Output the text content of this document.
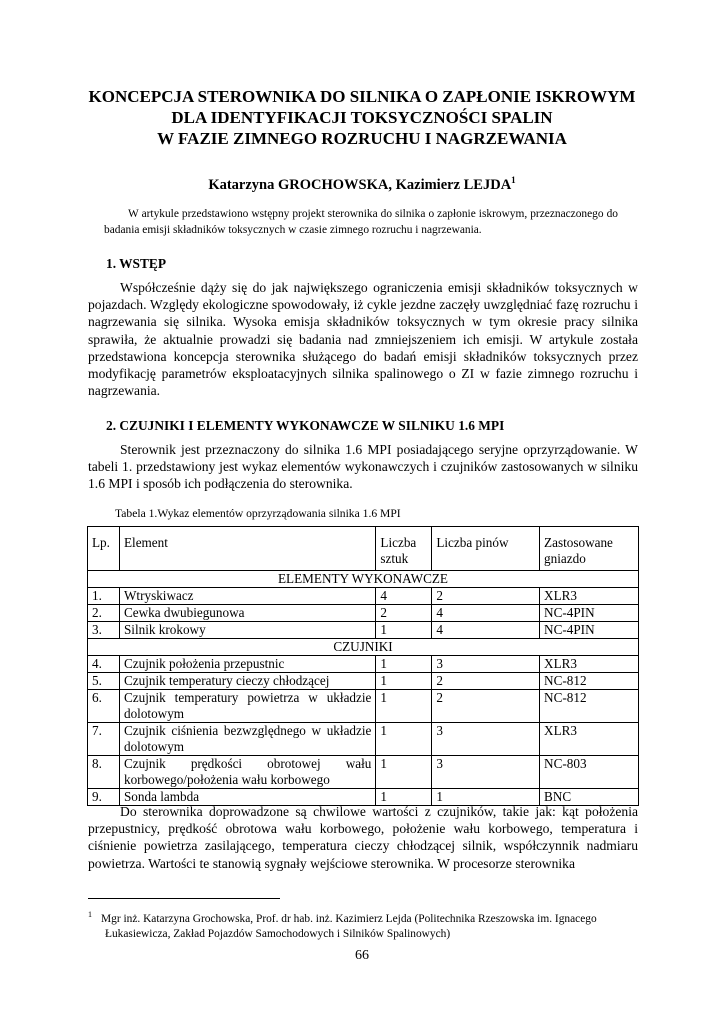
KONCEPCJA STEROWNIKA DO SILNIKA O ZAPŁONIE ISKROWYM
DLA IDENTYFIKACJI TOKSYCZNOŚCI SPALIN
W FAZIE ZIMNEGO ROZRUCHU I NAGRZEWANIA
Katarzyna GROCHOWSKA, Kazimierz LEJDA$^1$
W artykule przedstawiono wstępny projekt sterownika do silnika o zapłonie iskrowym, przeznaczonego do badania emisji składników toksycznych w czasie zimnego rozruchu i nagrzewania.
1. WSTĘP
Współcześnie dąży się do jak największego ograniczenia emisji składników toksycznych w pojazdach. Względy ekologiczne spowodowały, iż cykle jezdne zaczęły uwzględniać fazę rozruchu i nagrzewania się silnika. Wysoka emisja składników toksycznych w tym okresie pracy silnika sprawiła, że aktualnie prowadzi się badania nad zmniejszeniem ich emisji. W artykule została przedstawiona koncepcja sterownika służącego do badań emisji składników toksycznych przez modyfikację parametrów eksploatacyjnych silnika spalinowego o ZI w fazie zimnego rozruchu i nagrzewania.
2. CZUJNIKI I ELEMENTY WYKONAWCZE W SILNIKU 1.6 MPI
Sterownik jest przeznaczony do silnika 1.6 MPI posiadającego seryjne oprzyrządowanie. W tabeli 1. przedstawiony jest wykaz elementów wykonawczych i czujników zastosowanych w silniku 1.6 MPI i sposób ich podłączenia do sterownika.
Tabela 1.Wykaz elementów oprzyrządowania silnika 1.6 MPI
Lp.	Element	Liczba sztuk	Liczba pinów	Zastosowane gniazdo
ELEMENTY WYKONAWCZE				
1.	Wtryskiwacz	4	2	XLR3
2.	Cewka dwubiegunowa	2	4	NC-4PIN
3.	Silnik krokowy	1	4	NC-4PIN
CZUJNIKI				
4.	Czujnik położenia przepustnic	1	3	XLR3
5.	Czujnik temperatury cieczy chłodzącej	1	2	NC-812
6.	Czujnik temperatury powietrza w układzie dolotowym	1	2	NC-812
7.	Czujnik ciśnienia bezwzględnego w układzie dolotowym	1	3	XLR3
8.	Czujnik prędkości obrotowej wału korbowego/położenia wału korbowego	1	3	NC-803
9.	Sonda lambda	1	1	BNC
Do sterownika doprowadzone są chwilowe wartości z czujników, takie jak: kąt położenia przepustnicy, prędkość obrotowa wału korbowego, położenie wału korbowego, temperatura i ciśnienie powietrza zasilającego, temperatura cieczy chłodzącej silnik, współczynnik nadmiaru powietrza. Wartości te stanowią sygnały wejściowe sterownika. W procesorze sterownika
$^1$ Mgr inż. Katarzyna Grochowska, Prof. dr hab. inż. Kazimierz Lejda (Politechnika Rzeszowska im. Ignacego Łukasiewicza, Zakład Pojazdów Samochodowych i Silników Spalinowych)
66
